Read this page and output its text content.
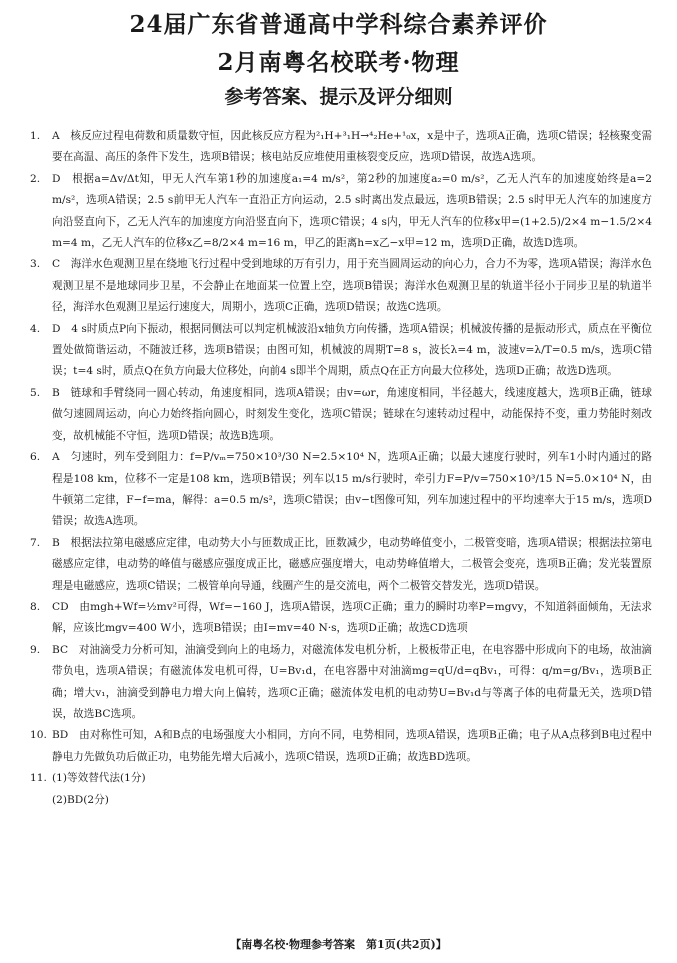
24届广东省普通高中学科综合素养评价
2月南粤名校联考·物理
参考答案、提示及评分细则
1. A　核反应过程电荷数和质量数守恒，因此核反应方程为²₁H+³₁H→⁴₂He+¹₀x，x是中子，选项A正确，选项C错误；轻核聚变需要在高温、高压的条件下发生，选项B错误；核电站反应堆使用重核裂变反应，选项D错误，故选A选项。

2. D　根据a=Δv/Δt知，甲无人汽车第1秒的加速度a₁=4 m/s²，第2秒的加速度a₂=0 m/s²，乙无人汽车的加速度始终是a=2 m/s²，选项A错误；2.5 s前甲无人汽车一直沿正方向运动，2.5 s时离出发点最远，选项B错误；2.5 s时甲无人汽车的加速度方向沿竖直向下，乙无人汽车的加速度方向沿竖直向下，选项C错误；4 s内，甲无人汽车的位移x甲=(1+2.5)/2×4 m−1.5/2×4 m=4 m，乙无人汽车的位移x乙=8/2×4 m=16 m，甲乙的距离h=x乙−x甲=12 m，选项D正确，故选D选项。

3. C　海洋水色观测卫星在绕地飞行过程中受到地球的万有引力，用于充当圆周运动的向心力，合力不为零，选项A错误；海洋水色观测卫星不是地球同步卫星，不会静止在地面某一位置上空，选项B错误；海洋水色观测卫星的轨道半径小于同步卫星的轨道半径，海洋水色观测卫星运行速度大，周期小，选项C正确，选项D错误；故选C选项。

4. D　4 s时质点P向下振动，根据同侧法可以判定机械波沿x轴负方向传播，选项A错误；机械波传播的是振动形式，质点在平衡位置处做简谐运动，不随波迁移，选项B错误；由图可知，机械波的周期T=8 s，波长λ=4 m，波速v=λ/T=0.5 m/s，选项C错误；t=4 s时，质点Q在负方向最大位移处，向前4 s即半个周期，质点Q在正方向最大位移处，选项D正确；故选D选项。

5. B　链球和手臂绕同一圆心转动，角速度相同，选项A错误；由v=ωr，角速度相同，半径越大，线速度越大，选项B正确，链球做匀速圆周运动，向心力始终指向圆心，时刻发生变化，选项C错误；链球在匀速转动过程中，动能保持不变，重力势能时刻改变，故机械能不守恒，选项D错误；故选B选项。

6. A　匀速时，列车受到阻力：f=P/vₘ=750×10³/30 N=2.5×10⁴ N，选项A正确；以最大速度行驶时，列车1小时内通过的路程是108 km，位移不一定是108 km，选项B错误；列车以15 m/s行驶时，牵引力F=P/v=750×10³/15 N=5.0×10⁴ N，由牛顿第二定律，F−f=ma，解得：a=0.5 m/s²，选项C错误；由v−t图像可知，列车加速过程中的平均速率大于15 m/s，选项D错误；故选A选项。

7. B　根据法拉第电磁感应定律，电动势大小与匝数成正比，匝数减少，电动势峰值变小，二极管变暗，选项A错误；根据法拉第电磁感应定律，电动势的峰值与磁感应强度成正比，磁感应强度增大，电动势峰值增大，二极管会变亮，选项B正确；发光装置原理是电磁感应，选项C错误；二极管单向导通，线圈产生的是交流电，两个二极管交替发光，选项D错误。

8. CD　由mgh+Wf=½mv²可得，Wf=−160 J，选项A错误，选项C正确；重力的瞬时功率P=mgvy，不知道斜面倾角，无法求解，应该比mgv=400 W小，选项B错误；由I=mv=40 N·s，选项D正确；故选CD选项

9. BC　对油滴受力分析可知，油滴受到向上的电场力，对磁流体发电机分析，上极板带正电，在电容器中形成向下的电场，故油滴带负电，选项A错误；有磁流体发电机可得，U=Bv₁d，在电容器中对油滴mg=qU/d=qBv₁，可得：q/m=g/Bv₁，选项B正确；增大v₁，油滴受到静电力增大向上偏转，选项C正确；磁流体发电机的电动势U=Bv₁d与等离子体的电荷量无关，选项D错误，故选BC选项。

10. BD　由对称性可知，A和B点的电场强度大小相同，方向不同，电势相同，选项A错误，选项B正确；电子从A点移到B电过程中静电力先做负功后做正功，电势能先增大后减小，选项C错误，选项D正确；故选BD选项。

11. (1)等效替代法(1分)

(2)BD(2分)

【南粤名校·物理参考答案　第1页(共2页)】
